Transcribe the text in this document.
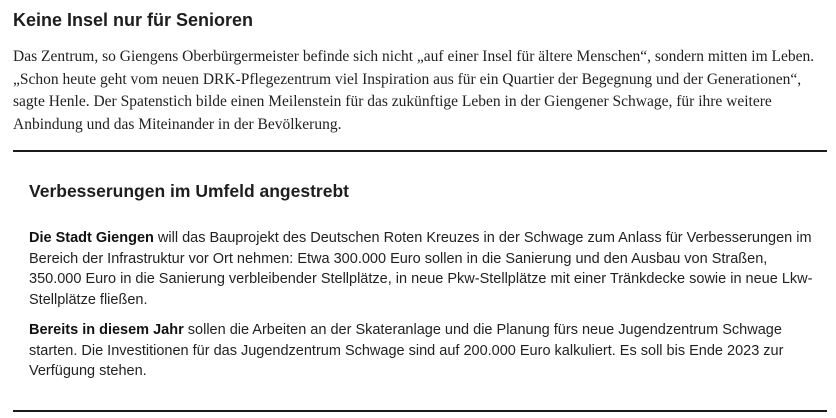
Keine Insel nur für Senioren

Das Zentrum, so Giengens Oberbürgermeister befinde sich nicht „auf einer Insel für ältere Menschen“, sondern mitten im Leben. „Schon heute geht vom neuen DRK-Pflegezentrum viel Inspiration aus für ein Quartier der Begegnung und der Generationen“, sagte Henle. Der Spatenstich bilde einen Meilenstein für das zukünftige Leben in der Giengener Schwage, für ihre weitere Anbindung und das Miteinander in der Bevölkerung.

Verbesserungen im Umfeld angestrebt

Die Stadt Giengen will das Bauprojekt des Deutschen Roten Kreuzes in der Schwage zum Anlass für Verbesserungen im Bereich der Infrastruktur vor Ort nehmen: Etwa 300.000 Euro sollen in die Sanierung und den Ausbau von Straßen, 350.000 Euro in die Sanierung verbleibender Stellplätze, in neue Pkw-Stellplätze mit einer Tränkdecke sowie in neue Lkw-Stellplätze fließen.

Bereits in diesem Jahr sollen die Arbeiten an der Skateranlage und die Planung fürs neue Jugendzentrum Schwage starten. Die Investitionen für das Jugendzentrum Schwage sind auf 200.000 Euro kalkuliert. Es soll bis Ende 2023 zur Verfügung stehen.
